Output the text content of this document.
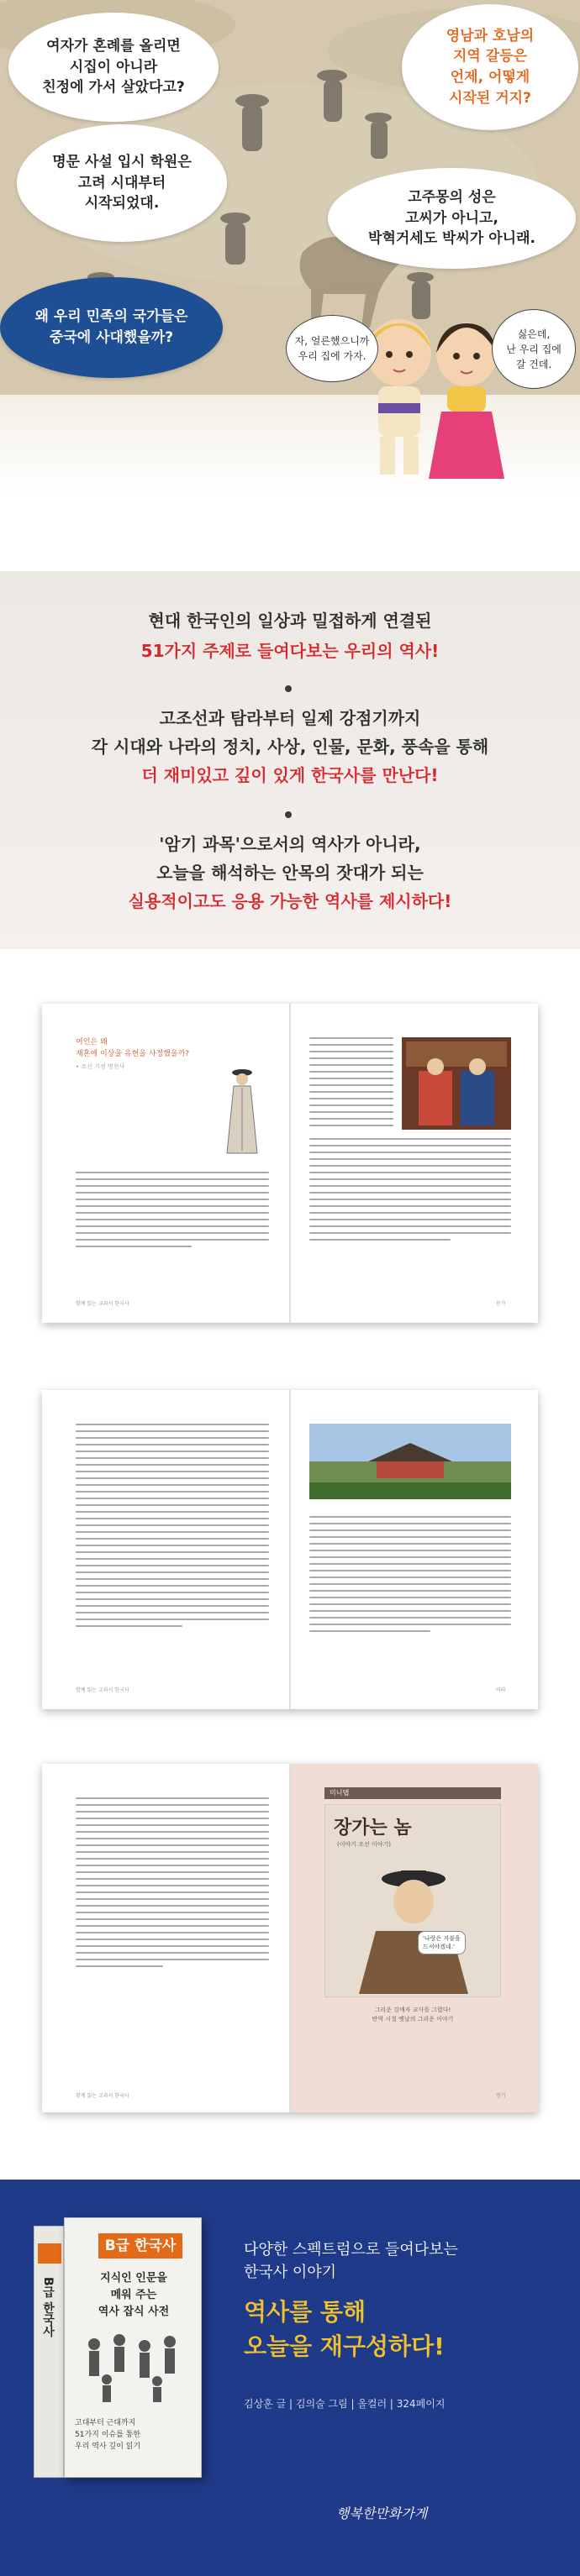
여자가 혼례를 올리면
시집이 아니라
친정에 가서 살았다고?
영남과 호남의
지역 갈등은
언제, 어떻게
시작된 거지?
명문 사설 입시 학원은
고려 시대부터
시작되었대.	고주몽의 성은
고씨가 아니고,
박혁거세도 박씨가 아니래.
왜 우리 민족의 국가들은
중국에 사대했을까?	자, 얼른했으니까
우리 집에 가자.
싫은데,
난 우리 집에
갈 건데.
현대 한국인의 일상과 밀접하게 연결된
51가지 주제로 들여다보는 우리의 역사!
고조선과 탐라부터 일제 강점기까지
각 시대와 나라의 정치, 사상, 인물, 문화, 풍속을 통해
더 재미있고 깊이 있게 한국사를 만난다!
'암기 과목'으로서의 역사가 아니라,
오늘을 해석하는 안목의 잣대가 되는
실용적이고도 응용 가능한 역사를 제시하다!
여인은 왜
재혼에 이상을 유현을 사정했을까?
• 조선 가정 명천사
함께 읽는 교과서 한국사	문가
함께 읽는 교과서 한국사	마라
함께 읽는 교과서 한국사
미니탭
장가는 놈
(이야기 조선 이야기)
'나랑은 지불을
드셔야겠네.'
그리운 김매자 교사를 그렸다!
반역 시절 옛날의 그리운 이야기
면기
B급 한국사
B급 한국사
지식인 인문을
메워 주는
역사 잡식 사전
고대부터 근대까지
51가지 이슈를 통한
우리 역사 깊이 읽기
다양한 스펙트럼으로 들여다보는
한국사 이야기
역사를 통해
오늘을 재구성하다!
김상훈 글 | 김의술 그림 | 올컬러 | 324페이지
행복한만화가게
